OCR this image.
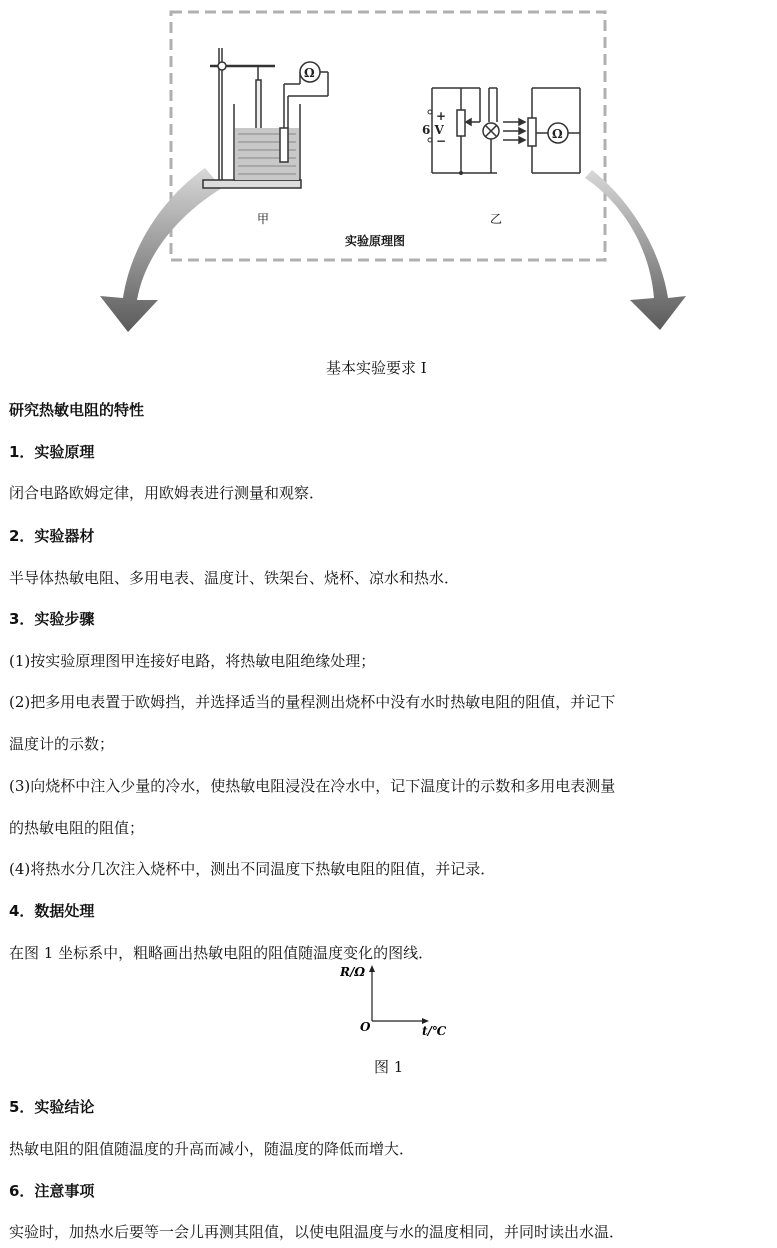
Ω
Ω
6 V
+
−
甲	乙
实验原理图
基本实验要求 Ⅰ
研究热敏电阻的特性
1．实验原理
闭合电路欧姆定律，用欧姆表进行测量和观察．
2．实验器材
半导体热敏电阻、多用电表、温度计、铁架台、烧杯、凉水和热水．
3．实验步骤
(1)按实验原理图甲连接好电路，将热敏电阻绝缘处理；
(2)把多用电表置于欧姆挡，并选择适当的量程测出烧杯中没有水时热敏电阻的阻值，并记下
温度计的示数；
(3)向烧杯中注入少量的冷水，使热敏电阻浸没在冷水中，记下温度计的示数和多用电表测量
的热敏电阻的阻值；
(4)将热水分几次注入烧杯中，测出不同温度下热敏电阻的阻值，并记录．
4．数据处理
在图 1 坐标系中，粗略画出热敏电阻的阻值随温度变化的图线．
R/Ω
O	t/℃
图 1
5．实验结论
热敏电阻的阻值随温度的升高而减小，随温度的降低而增大．
6．注意事项
实验时，加热水后要等一会儿再测其阻值，以使电阻温度与水的温度相同，并同时读出水温．
